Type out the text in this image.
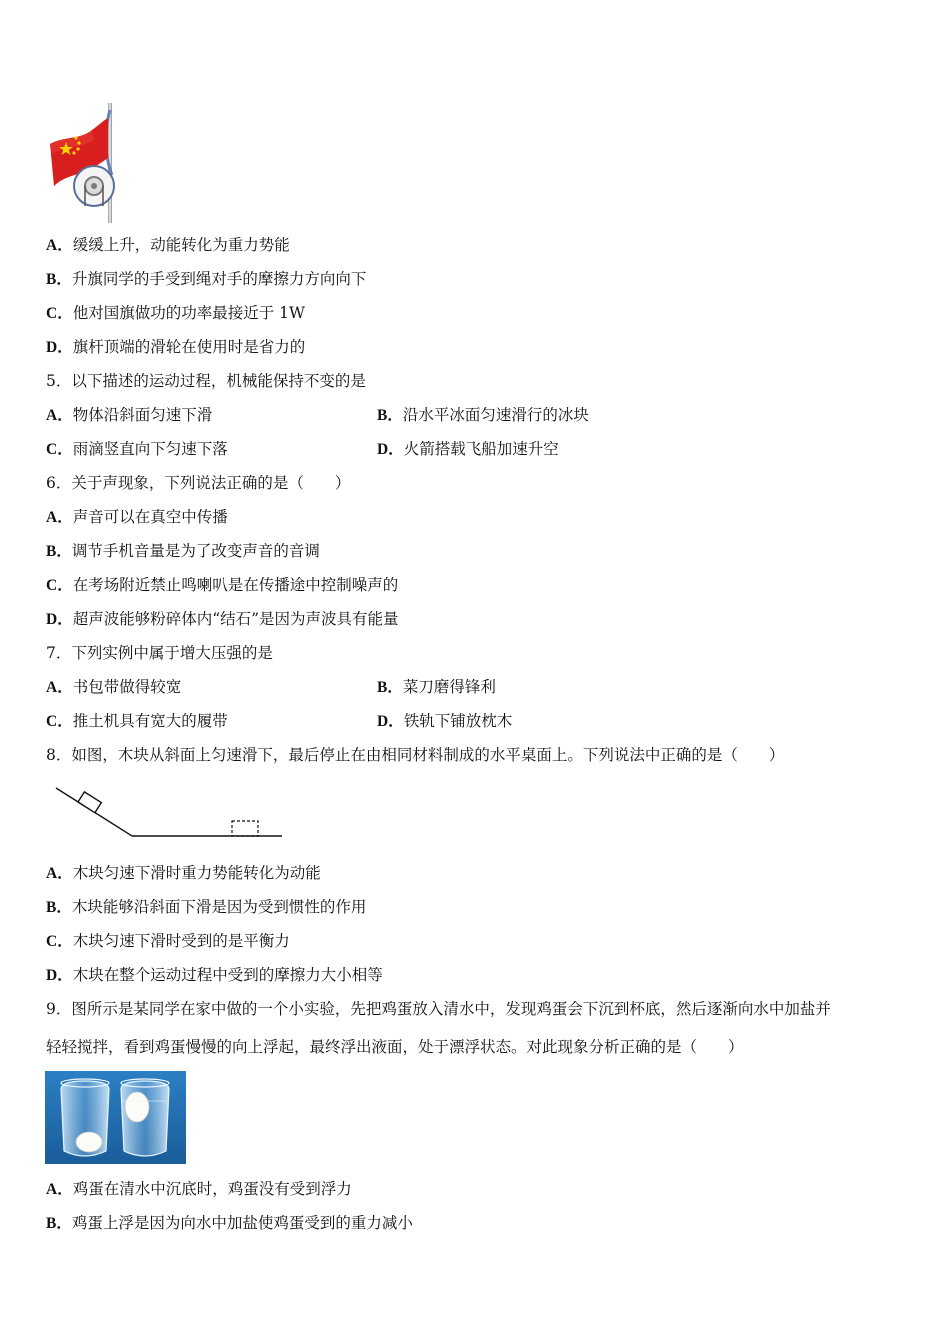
A．缓缓上升，动能转化为重力势能
B．升旗同学的手受到绳对手的摩擦力方向向下
C．他对国旗做功的功率最接近于 1W
D．旗杆顶端的滑轮在使用时是省力的
5．以下描述的运动过程，机械能保持不变的是
A．物体沿斜面匀速下滑	B．沿水平冰面匀速滑行的冰块
C．雨滴竖直向下匀速下落	D．火箭搭载飞船加速升空
6．关于声现象，下列说法正确的是（　　）
A．声音可以在真空中传播
B．调节手机音量是为了改变声音的音调
C．在考场附近禁止鸣喇叭是在传播途中控制噪声的
D．超声波能够粉碎体内“结石”是因为声波具有能量
7．下列实例中属于增大压强的是
A．书包带做得较宽	B．菜刀磨得锋利
C．推土机具有宽大的履带	D．铁轨下铺放枕木
8．如图，木块从斜面上匀速滑下，最后停止在由相同材料制成的水平桌面上。下列说法中正确的是（　　）
A．木块匀速下滑时重力势能转化为动能
B．木块能够沿斜面下滑是因为受到惯性的作用
C．木块匀速下滑时受到的是平衡力
D．木块在整个运动过程中受到的摩擦力大小相等
9．图所示是某同学在家中做的一个小实验，先把鸡蛋放入清水中，发现鸡蛋会下沉到杯底，然后逐渐向水中加盐并
轻轻搅拌，看到鸡蛋慢慢的向上浮起，最终浮出液面，处于漂浮状态。对此现象分析正确的是（　　）
A．鸡蛋在清水中沉底时，鸡蛋没有受到浮力
B．鸡蛋上浮是因为向水中加盐使鸡蛋受到的重力减小
